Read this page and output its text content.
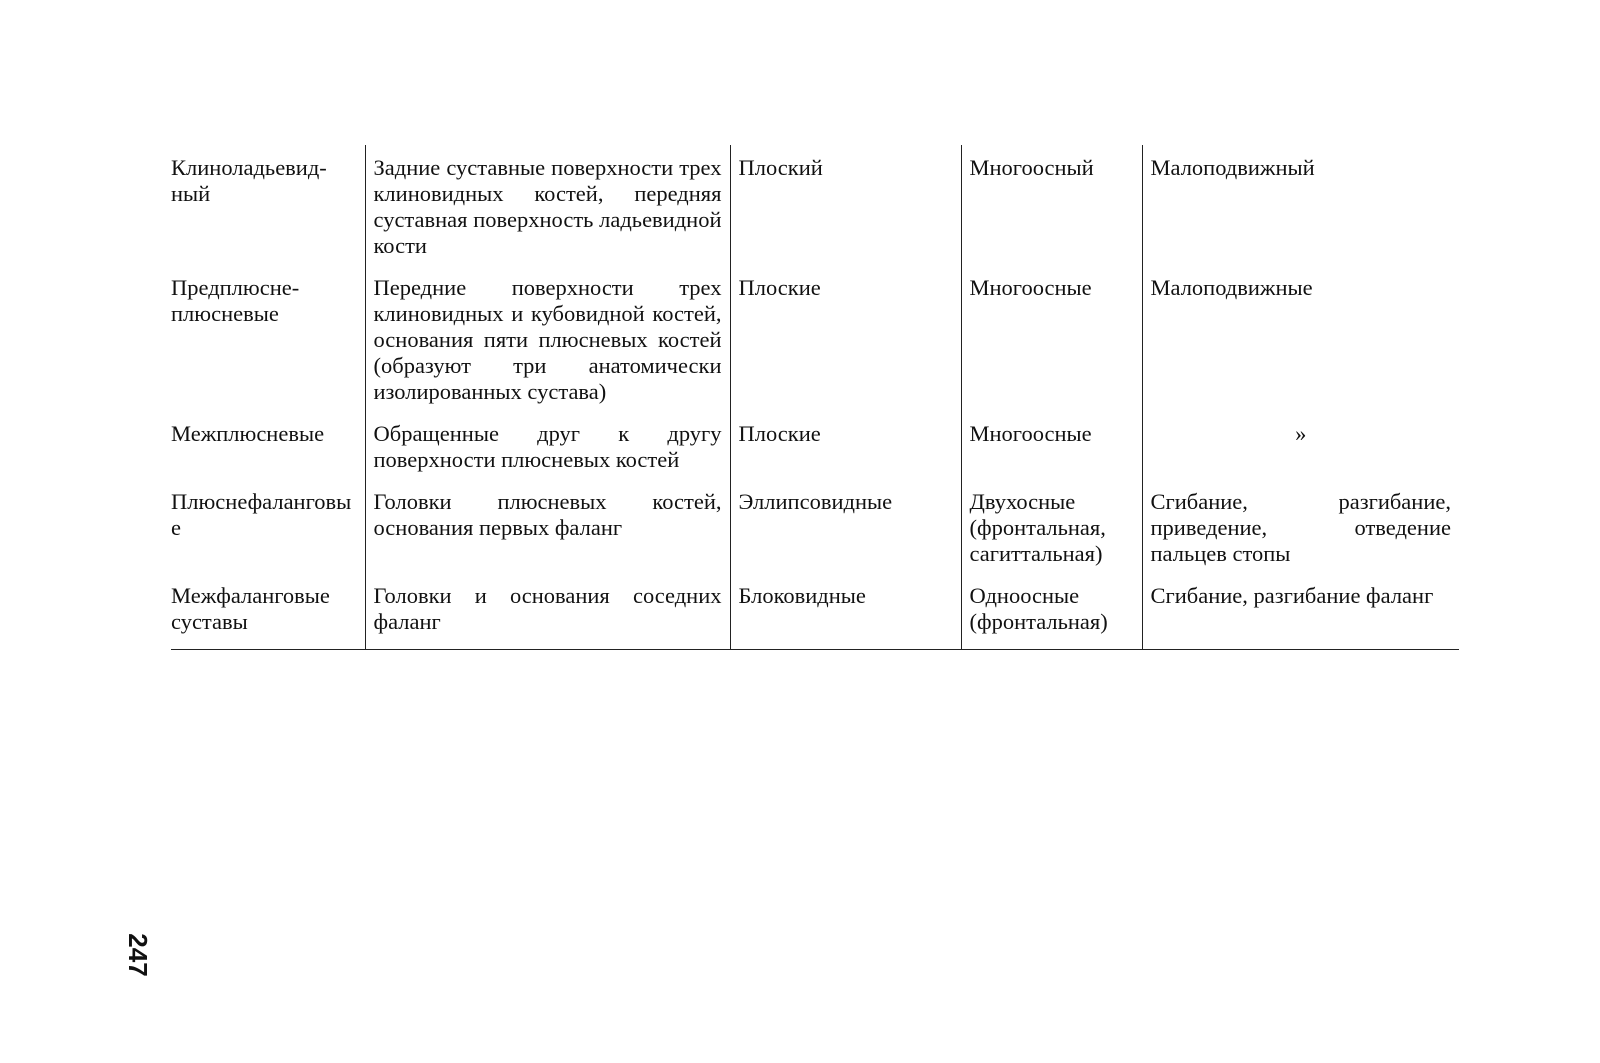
Клиноладьевид-ный	Задние суставные поверхности трех клиновидных костей, передняя суставная поверхность ладьевидной кости	Плоский	Многоосный	Малоподвижный
Предплюсне-плюсневые	Передние поверхности трех клиновидных и кубовидной костей, основания пяти плюсневых костей (образуют три анатомически изолированных сустава)	Плоские	Многоосные	Малоподвижные
Межплюсневые	Обращенные друг к другу поверхности плюсневых костей	Плоские	Многоосные	»
Плюснефаланговые	Головки плюсневых костей, основания первых фаланг	Эллипсовидные	Двухосные (фронтальная, сагиттальная)	Сгибание, разгибание, приведение, отведение пальцев стопы
Межфаланговые суставы	Головки и основания соседних фаланг	Блоковидные	Одноосные (фронтальная)	Сгибание, разгибание фаланг
247
